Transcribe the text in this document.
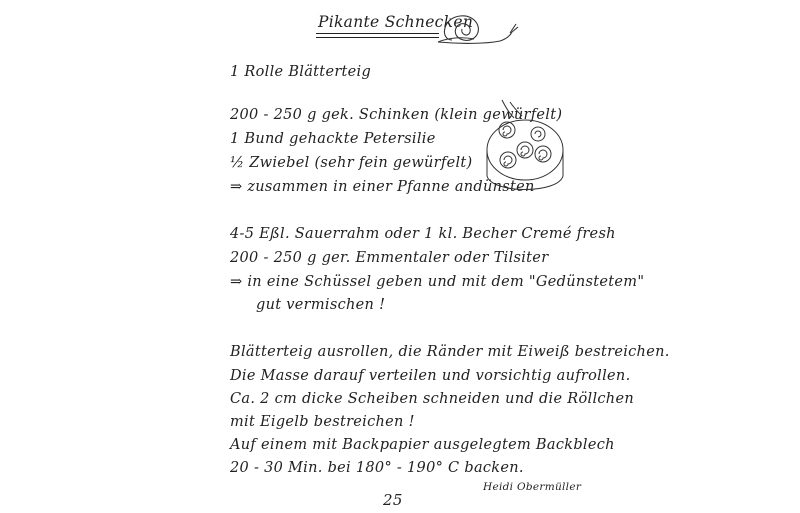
Pikante Schnecken
1 Rolle Blätterteig
200 - 250 g gek. Schinken (klein gewürfelt)
1 Bund gehackte Petersilie
½ Zwiebel (sehr fein gewürfelt)
⇒ zusammen in einer Pfanne andünsten
4-5 Eßl. Sauerrahm oder 1 kl. Becher Cremé fresh
200 - 250 g ger. Emmentaler oder Tilsiter
⇒ in eine Schüssel geben und mit dem "Gedünstetem"
gut vermischen !
Blätterteig ausrollen, die Ränder mit Eiweiß bestreichen.
Die Masse darauf verteilen und vorsichtig aufrollen.
Ca. 2 cm dicke Scheiben schneiden und die Röllchen
mit Eigelb bestreichen !
Auf einem mit Backpapier ausgelegtem Backblech
20 - 30 Min. bei 180° - 190° C backen.
Heidi Obermüller
25
